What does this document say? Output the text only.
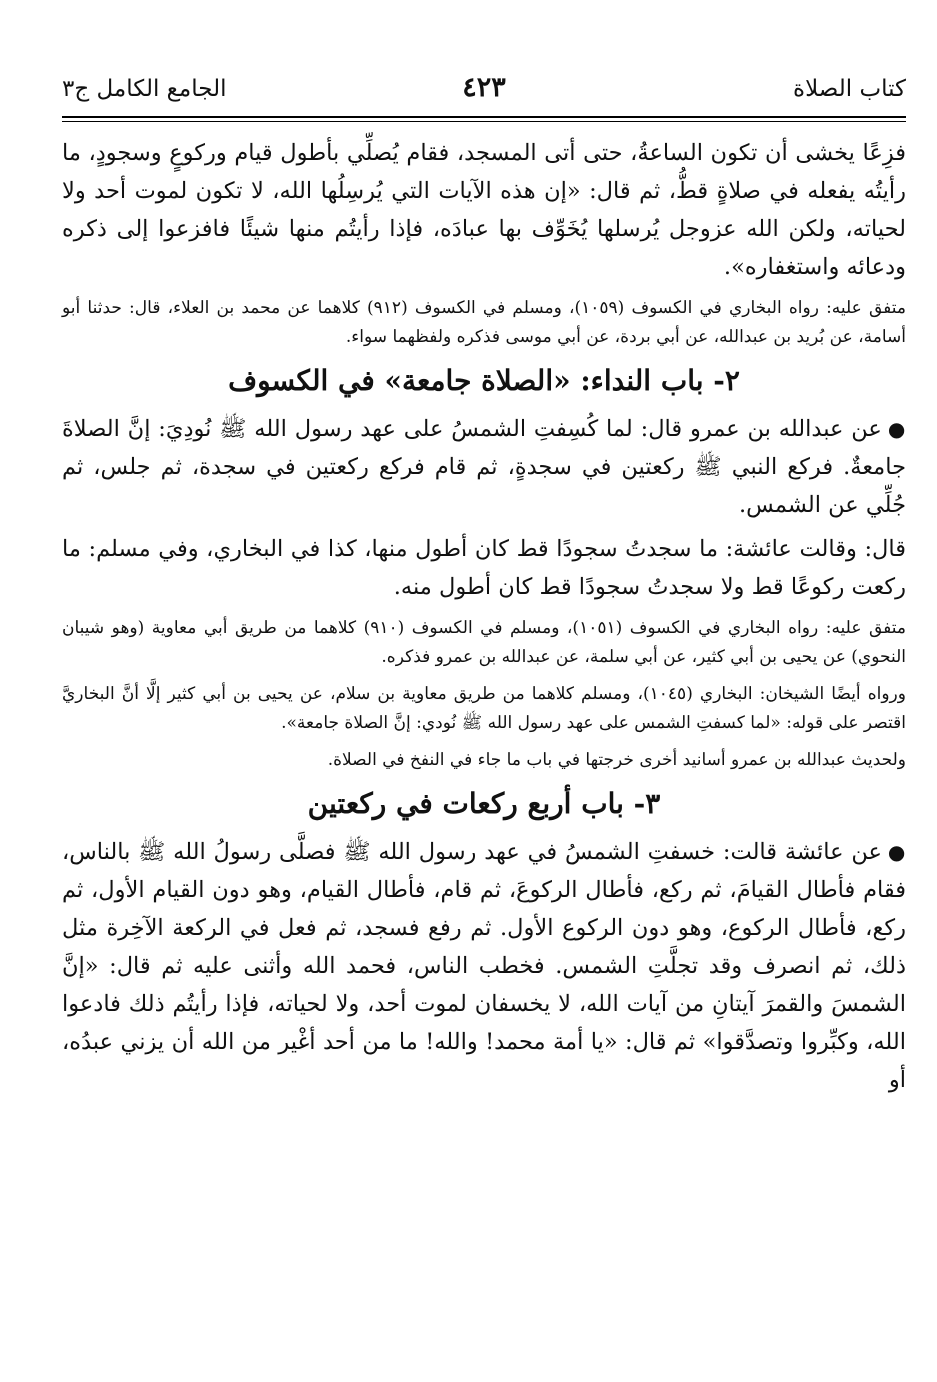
كتاب الصلاة
٤٢٣
الجامع الكامل ج٣

فزِعًا يخشى أن تكون الساعةُ، حتى أتى المسجد، فقام يُصلِّي بأطول قيام وركوعٍ وسجودٍ، ما رأيتُه يفعله في صلاةٍ قطُّ، ثم قال: «إن هذه الآيات التي يُرسِلُها الله، لا تكون لموت أحد ولا لحياته، ولكن الله عزوجل يُرسلها يُخَوِّف بها عبادَه، فإذا رأيتُم منها شيئًا فافزعوا إلى ذكره ودعائه واستغفاره».

متفق عليه: رواه البخاري في الكسوف (١٠٥٩)، ومسلم في الكسوف (٩١٢) كلاهما عن محمد بن العلاء، قال: حدثنا أبو أسامة، عن بُريد بن عبدالله، عن أبي بردة، عن أبي موسى فذكره ولفظهما سواء.

٢- باب النداء: «الصلاة جامعة» في الكسوف

●عن عبدالله بن عمرو قال: لما كُسِفتِ الشمسُ على عهد رسول الله ﷺ نُودِيَ: إنَّ الصلاةَ جامعةٌ. فركع النبي ﷺ ركعتين في سجدةٍ، ثم قام فركع ركعتين في سجدة، ثم جلس، ثم جُلِّي عن الشمس.

قال: وقالت عائشة: ما سجدتُ سجودًا قط كان أطول منها، كذا في البخاري، وفي مسلم: ما ركعت ركوعًا قط ولا سجدتُ سجودًا قط كان أطول منه.

متفق عليه: رواه البخاري في الكسوف (١٠٥١)، ومسلم في الكسوف (٩١٠) كلاهما من طريق أبي معاوية (وهو شيبان النحوي) عن يحيى بن أبي كثير، عن أبي سلمة، عن عبدالله بن عمرو فذكره.

ورواه أيضًا الشيخان: البخاري (١٠٤٥)، ومسلم كلاهما من طريق معاوية بن سلام، عن يحيى بن أبي كثير إلَّا أنَّ البخاريَّ اقتصر على قوله: «لما كسفتِ الشمس على عهد رسول الله ﷺ نُودي: إنَّ الصلاة جامعة».

ولحديث عبدالله بن عمرو أسانيد أخرى خرجتها في باب ما جاء في النفخ في الصلاة.

٣- باب أربع ركعات في ركعتين

●عن عائشة قالت: خسفتِ الشمسُ في عهد رسول الله ﷺ فصلَّى رسولُ الله ﷺ بالناس، فقام فأطال القيامَ، ثم ركع، فأطال الركوعَ، ثم قام، فأطال القيام، وهو دون القيام الأول، ثم ركع، فأطال الركوع، وهو دون الركوع الأول. ثم رفع فسجد، ثم فعل في الركعة الآخِرة مثل ذلك، ثم انصرف وقد تجلَّتِ الشمس. فخطب الناس، فحمد الله وأثنى عليه ثم قال: «إنَّ الشمسَ والقمرَ آيتانِ من آيات الله، لا يخسفان لموت أحد، ولا لحياته، فإذا رأيتُم ذلك فادعوا الله، وكبِّروا وتصدَّقوا» ثم قال: «يا أمة محمد! والله! ما من أحد أغْير من الله أن يزني عبدُه، أو
